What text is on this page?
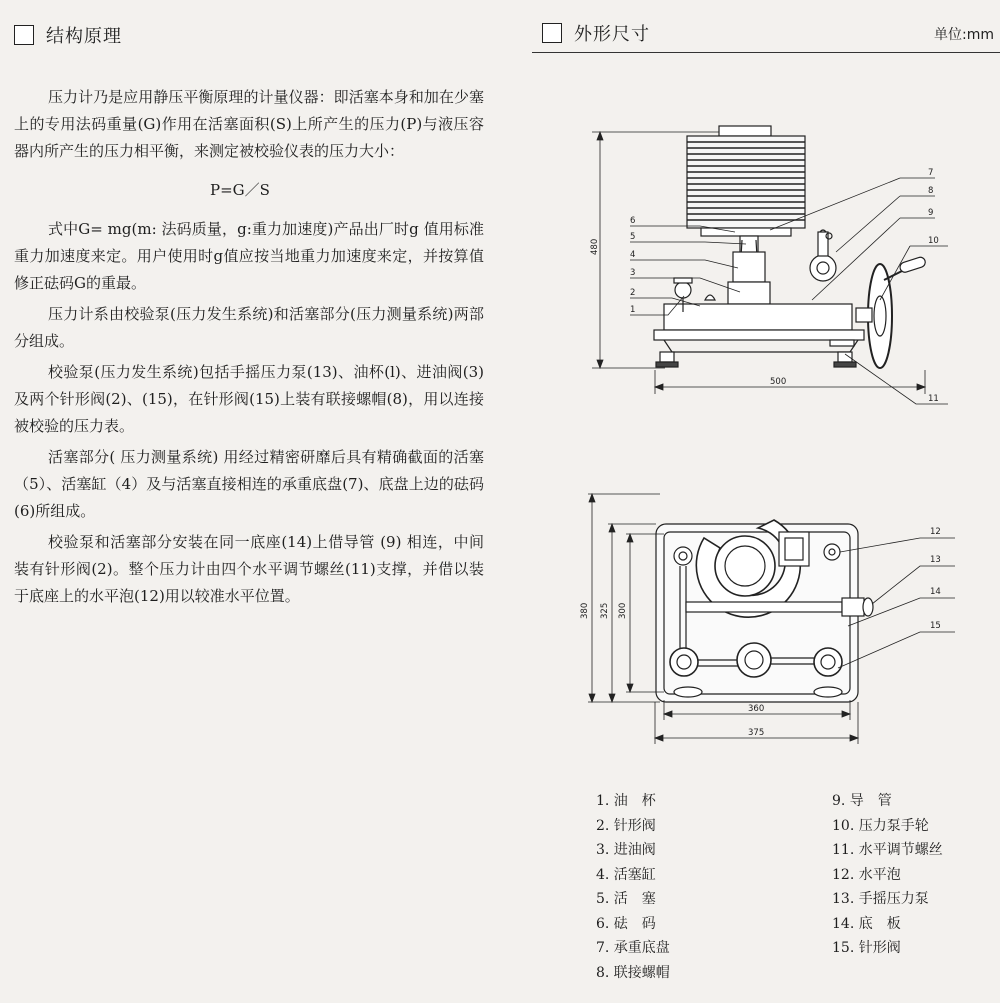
结构原理	外形尺寸	单位:mm

压力计乃是应用静压平衡原理的计量仪器：即活塞本身和加在少塞上的专用法码重量(G)作用在活塞面积(S)上所产生的压力(P)与液压容器内所产生的压力相平衡，来测定被校验仪表的压力大小：

P=G／S

式中G= mg(m: 法码质量，g:重力加速度)产品出厂时g 值用标准重力加速度来定。用户使用时g值应按当地重力加速度来定，并按算值修正砝码G的重最。

压力计系由校验泵(压力发生系统)和活塞部分(压力测量系统)两部分组成。

校验泵(压力发生系统)包括手摇压力泵(13)、油杯(l)、进油阀(3)及两个针形阀(2)、(15)，在针形阀(15)上装有联接螺帽(8)，用以连接被校验的压力表。

活塞部分( 压力测量系统) 用经过精密研靡后具有精确截面的活塞（5）、活塞缸（4）及与活塞直接相连的承重底盘(7)、底盘上边的砝码(6)所组成。

校验泵和活塞部分安装在同一底座(14)上借导管 (9) 相连，中间装有针形阀(2)。整个压力计由四个水平调节螺丝(11)支撑，并借以装于底座上的水平泡(12)用以较准水平位置。

480
500
1
2
3
4
5
6
7
8
9
10
11
380 325 300
360
375
12
13
14
15
1. 油　杯
2. 针形阀
3. 进油阀
4. 活塞缸
5. 活　塞
6. 砝　码
7. 承重底盘
8. 联接螺帽
9. 导　管
10. 压力泵手轮
11. 水平调节螺丝
12. 水平泡
13. 手摇压力泵
14. 底　板
15. 针形阀
